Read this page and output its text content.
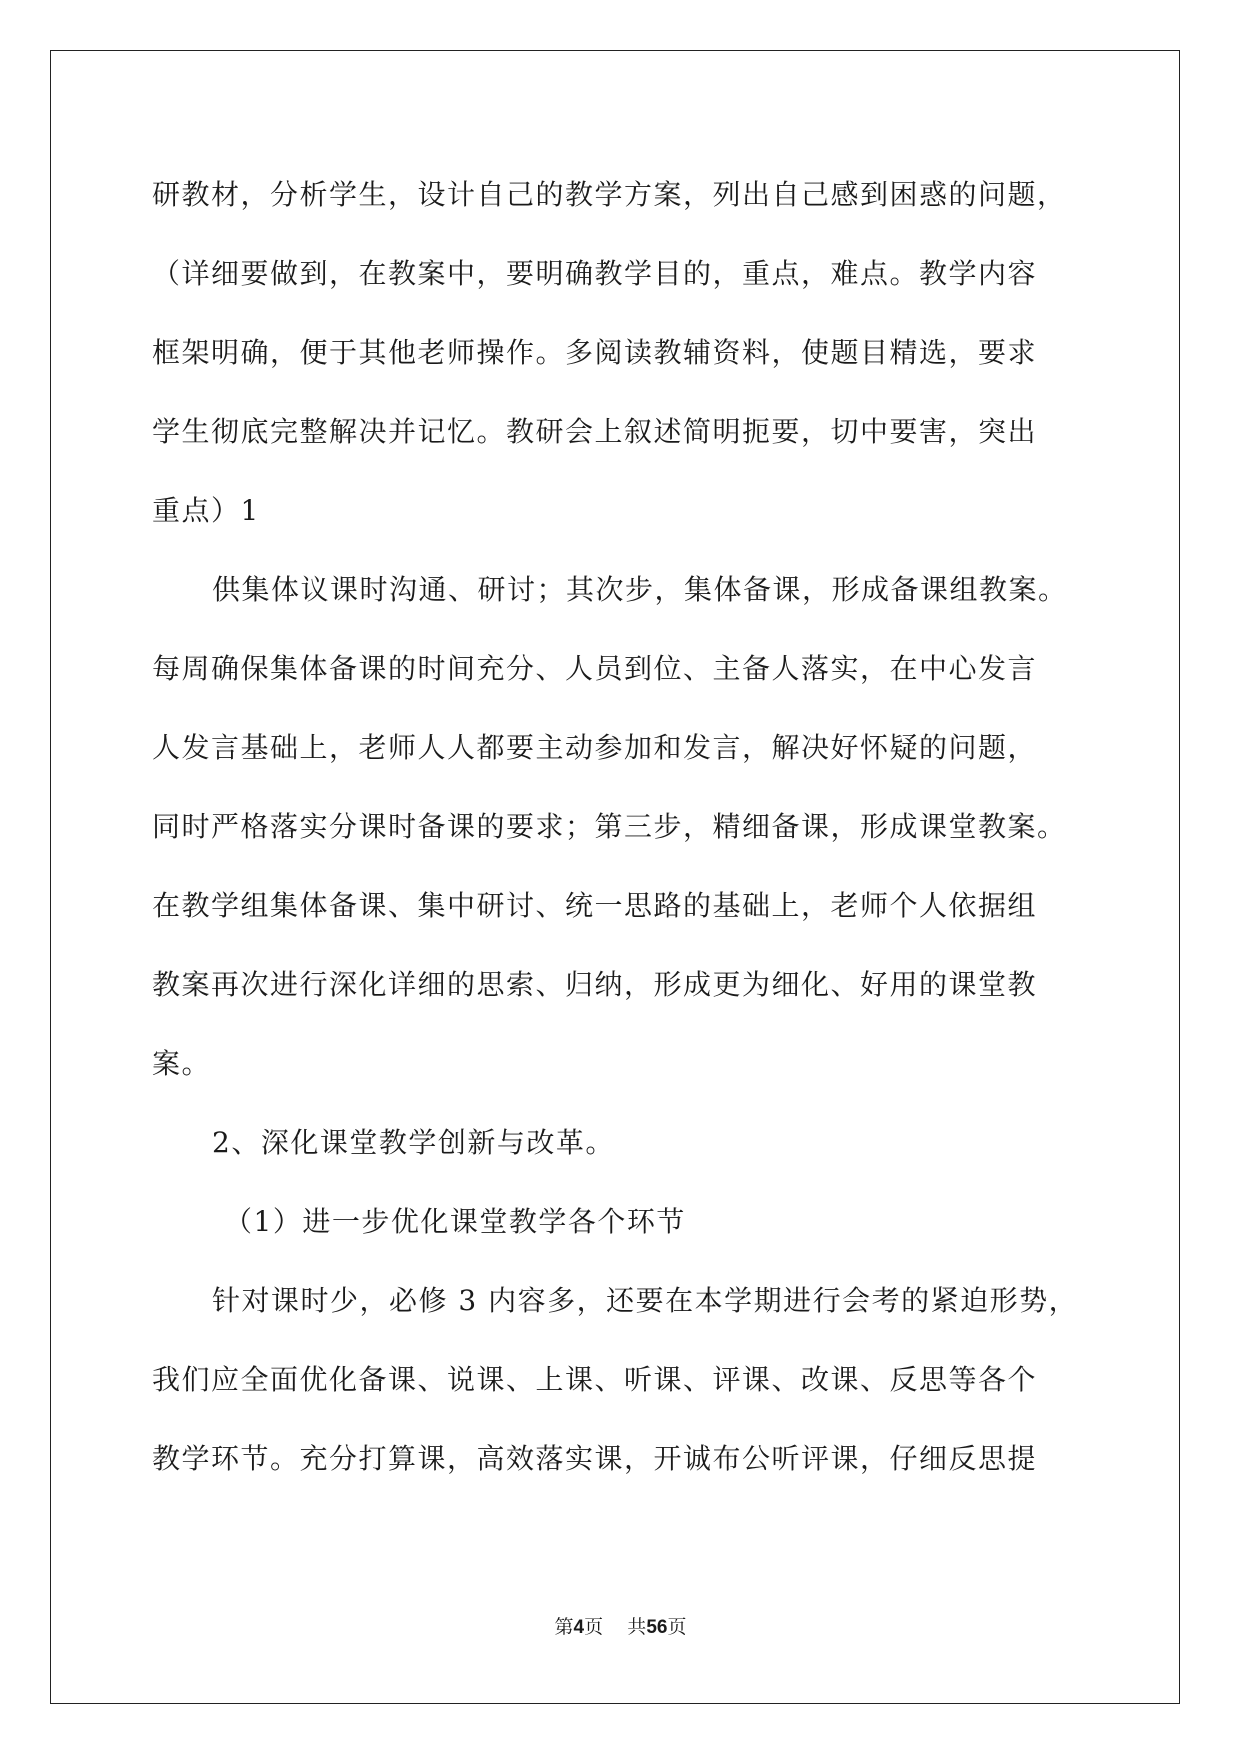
研教材，分析学生，设计自己的教学方案，列出自己感到困惑的问题，
（详细要做到，在教案中，要明确教学目的，重点，难点。教学内容
框架明确，便于其他老师操作。多阅读教辅资料，使题目精选，要求
学生彻底完整解决并记忆。教研会上叙述简明扼要，切中要害，突出
重点）1
供集体议课时沟通、研讨；其次步，集体备课，形成备课组教案。
每周确保集体备课的时间充分、人员到位、主备人落实，在中心发言
人发言基础上，老师人人都要主动参加和发言，解决好怀疑的问题，
同时严格落实分课时备课的要求；第三步，精细备课，形成课堂教案。
在教学组集体备课、集中研讨、统一思路的基础上，老师个人依据组
教案再次进行深化详细的思索、归纳，形成更为细化、好用的课堂教
案。
2、深化课堂教学创新与改革。
（1）进一步优化课堂教学各个环节
针对课时少，必修 3 内容多，还要在本学期进行会考的紧迫形势，
我们应全面优化备课、说课、上课、听课、评课、改课、反思等各个
教学环节。充分打算课，高效落实课，开诚布公听评课，仔细反思提
第4页 共56页
